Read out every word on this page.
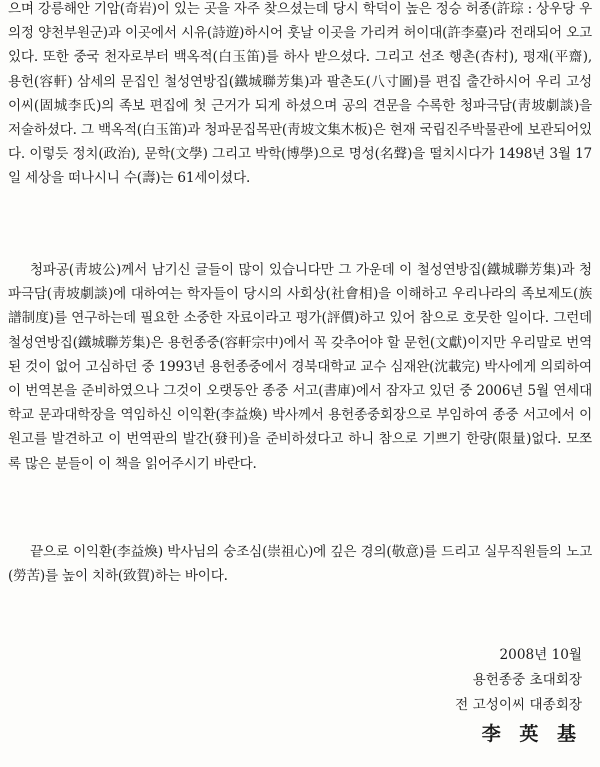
으며 강릉해안 기암(奇岩)이 있는 곳을 자주 찾으셨는데 당시 학덕이 높은 정승 허종(許琮 : 상우당 우의정 양천부원군)과 이곳에서 시유(詩遊)하시어 훗날 이곳을 가리켜 허이대(許李臺)라 전래되어 오고 있다. 또한 중국 천자로부터 백옥적(白玉笛)를 하사 받으셨다. 그리고 선조 행촌(杏村), 평재(平齋), 용헌(容軒) 삼세의 문집인 철성연방집(鐵城聯芳集)과 팔촌도(八寸圖)를 편집 출간하시어 우리 고성이씨(固城李氏)의 족보 편집에 첫 근거가 되게 하셨으며 공의 견문을 수록한 청파극담(靑坡劇談)을 저술하셨다. 그 백옥적(白玉笛)과 청파문집목판(靑坡文集木板)은 현재 국립진주박물관에 보관되어있다. 이렇듯 정치(政治), 문학(文學) 그리고 박학(博學)으로 명성(名聲)을 떨치시다가 1498년 3월 17일 세상을 떠나시니 수(壽)는 61세이셨다.

청파공(靑坡公)께서 남기신 글들이 많이 있습니다만 그 가운데 이 철성연방집(鐵城聯芳集)과 청파극담(靑坡劇談)에 대하여는 학자들이 당시의 사회상(社會相)을 이해하고 우리나라의 족보제도(族譜制度)를 연구하는데 필요한 소중한 자료이라고 평가(評價)하고 있어 참으로 호뭇한 일이다. 그런데 철성연방집(鐵城聯芳集)은 용헌종중(容軒宗中)에서 꼭 갖추어야 할 문헌(文獻)이지만 우리말로 번역된 것이 없어 고심하던 중 1993년 용헌종중에서 경북대학교 교수 심재완(沈載完) 박사에게 의뢰하여 이 번역본을 준비하였으나 그것이 오랫동안 종중 서고(書庫)에서 잠자고 있던 중 2006년 5월 연세대학교 문과대학장을 역임하신 이익환(李益煥) 박사께서 용헌종중회장으로 부임하여 종중 서고에서 이 원고를 발견하고 이 번역판의 발간(發刊)을 준비하셨다고 하니 참으로 기쁘기 한량(限量)없다. 모쪼록 많은 분들이 이 책을 읽어주시기 바란다.

끝으로 이익환(李益煥) 박사님의 숭조심(崇祖心)에 깊은 경의(敬意)를 드리고 실무직원들의 노고(勞苦)를 높이 치하(致賀)하는 바이다.

2008년 10월
용헌종중 초대회장
전 고성이씨 대종회장
李 英 基
